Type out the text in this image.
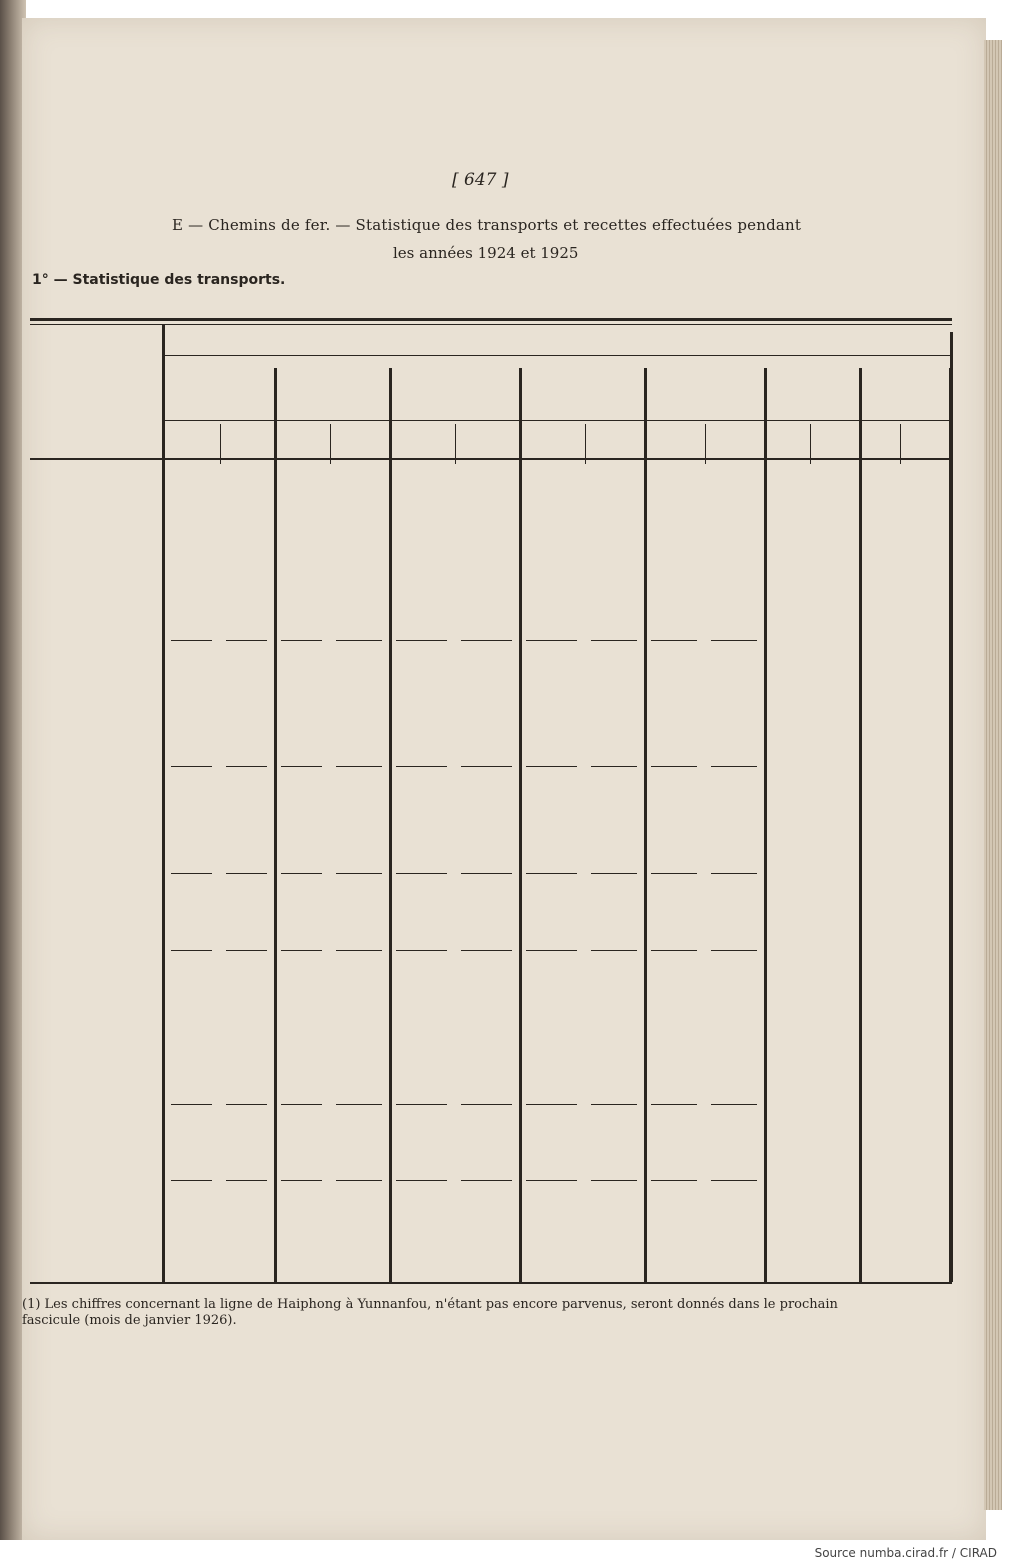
[ 647 ]
E — Chemins de fer. — Statistique des transports et recettes effectuées pendant
les années 1924 et 1925
1° — Statistique des transports.
(1) Les chiffres concernant la ligne de Haiphong à Yunnanfou, n'étant pas encore parvenus, seront donnés dans le prochain
fascicule (mois de janvier 1926).
Source numba.cirad.fr / CIRAD
